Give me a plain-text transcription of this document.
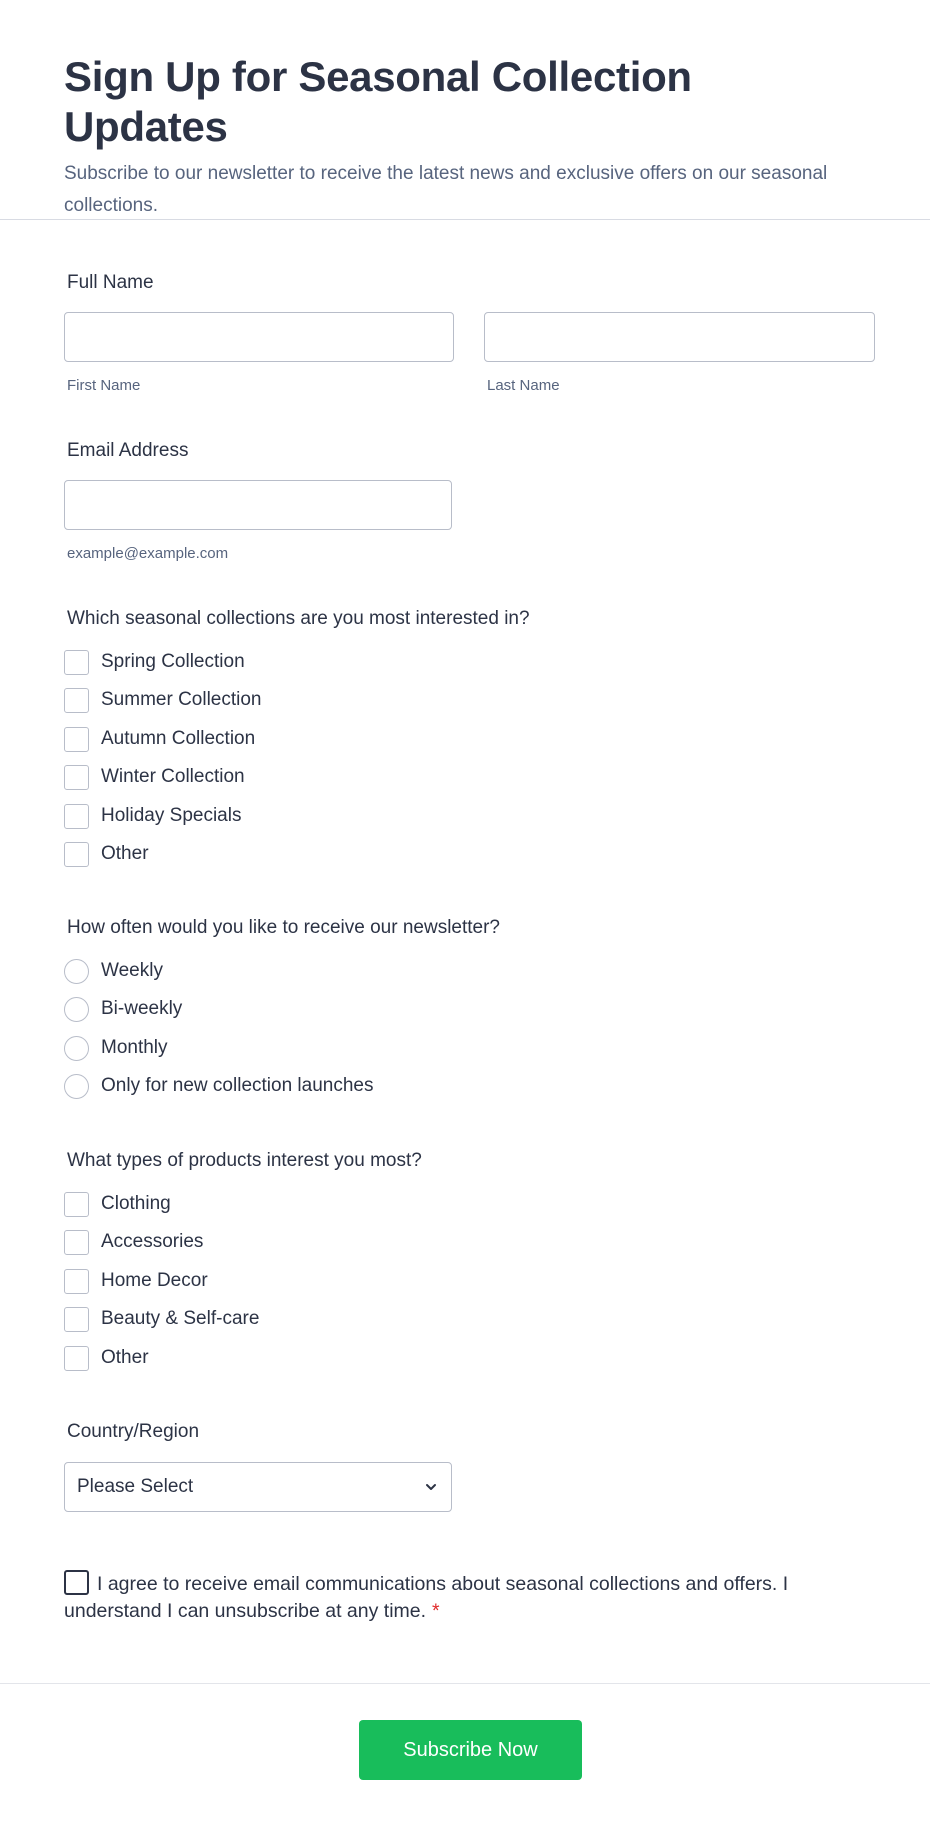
Sign Up for Seasonal Collection Updates

Subscribe to our newsletter to receive the latest news and exclusive offers on our seasonal collections.

Full Name
First Name	Last Name
Email Address
example@example.com
Which seasonal collections are you most interested in?
Spring Collection
Summer Collection
Autumn Collection
Winter Collection
Holiday Specials
Other
How often would you like to receive our newsletter?
Weekly
Bi-weekly
Monthly
Only for new collection launches
What types of products interest you most?
Clothing
Accessories
Home Decor
Beauty & Self-care
Other
Country/Region
Please Select
I agree to receive email communications about seasonal collections and offers. I understand I can unsubscribe at any time. *
Subscribe Now
